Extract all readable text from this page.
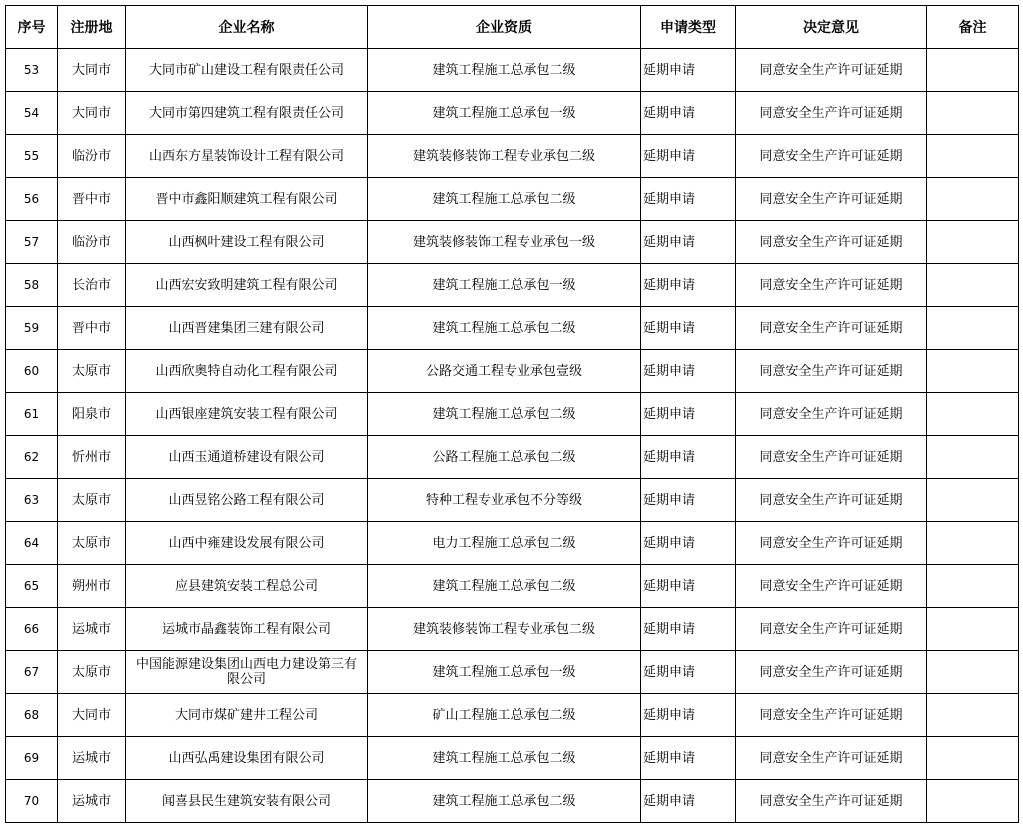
序号	注册地	企业名称	企业资质	申请类型	决定意见	备注
53	大同市	大同市矿山建设工程有限责任公司	建筑工程施工总承包二级	延期申请	同意安全生产许可证延期	
54	大同市	大同市第四建筑工程有限责任公司	建筑工程施工总承包一级	延期申请	同意安全生产许可证延期	
55	临汾市	山西东方星装饰设计工程有限公司	建筑装修装饰工程专业承包二级	延期申请	同意安全生产许可证延期	
56	晋中市	晋中市鑫阳顺建筑工程有限公司	建筑工程施工总承包二级	延期申请	同意安全生产许可证延期	
57	临汾市	山西枫叶建设工程有限公司	建筑装修装饰工程专业承包一级	延期申请	同意安全生产许可证延期	
58	长治市	山西宏安致明建筑工程有限公司	建筑工程施工总承包一级	延期申请	同意安全生产许可证延期	
59	晋中市	山西晋建集团三建有限公司	建筑工程施工总承包二级	延期申请	同意安全生产许可证延期	
60	太原市	山西欣奥特自动化工程有限公司	公路交通工程专业承包壹级	延期申请	同意安全生产许可证延期	
61	阳泉市	山西银座建筑安装工程有限公司	建筑工程施工总承包二级	延期申请	同意安全生产许可证延期	
62	忻州市	山西玉通道桥建设有限公司	公路工程施工总承包二级	延期申请	同意安全生产许可证延期	
63	太原市	山西昱铭公路工程有限公司	特种工程专业承包不分等级	延期申请	同意安全生产许可证延期	
64	太原市	山西中雍建设发展有限公司	电力工程施工总承包二级	延期申请	同意安全生产许可证延期	
65	朔州市	应县建筑安装工程总公司	建筑工程施工总承包二级	延期申请	同意安全生产许可证延期	
66	运城市	运城市晶鑫装饰工程有限公司	建筑装修装饰工程专业承包二级	延期申请	同意安全生产许可证延期	
67	太原市	中国能源建设集团山西电力建设第三有限公司	建筑工程施工总承包一级	延期申请	同意安全生产许可证延期	
68	大同市	大同市煤矿建井工程公司	矿山工程施工总承包二级	延期申请	同意安全生产许可证延期	
69	运城市	山西弘禹建设集团有限公司	建筑工程施工总承包二级	延期申请	同意安全生产许可证延期	
70	运城市	闻喜县民生建筑安装有限公司	建筑工程施工总承包二级	延期申请	同意安全生产许可证延期	
